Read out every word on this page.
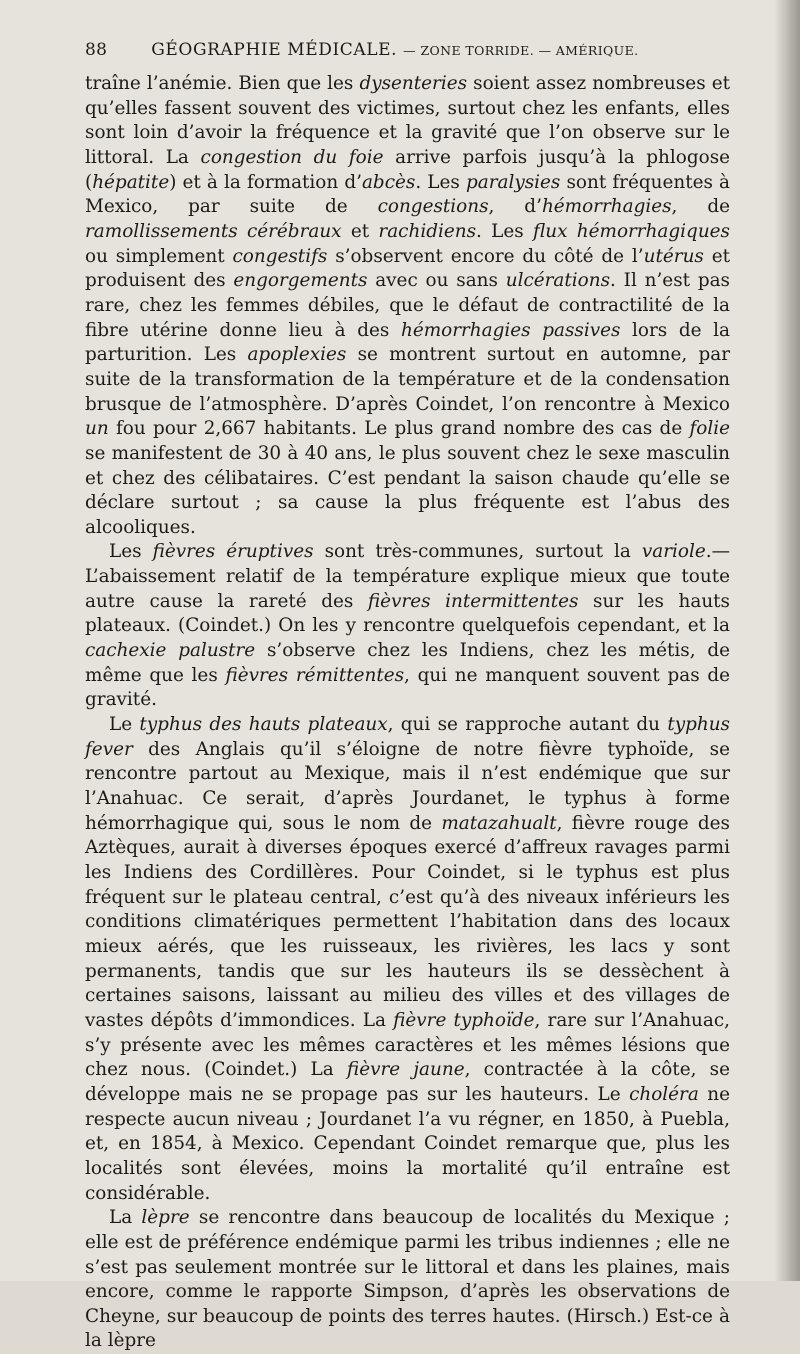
88	GÉOGRAPHIE MÉDICALE. — ZONE TORRIDE. — AMÉRIQUE.

traîne l’anémie. Bien que les dysenteries soient assez nombreuses et qu’elles fassent souvent des victimes, surtout chez les enfants, elles sont loin d’avoir la fréquence et la gravité que l’on observe sur le littoral. La congestion du foie arrive parfois jusqu’à la phlogose (hépatite) et à la formation d’abcès. Les paralysies sont fréquentes à Mexico, par suite de congestions, d’hémorrhagies, de ramollissements cérébraux et rachidiens. Les flux hémorrhagiques ou simplement congestifs s’observent encore du côté de l’utérus et produisent des engorgements avec ou sans ulcérations. Il n’est pas rare, chez les femmes débiles, que le défaut de contractilité de la fibre utérine donne lieu à des hémorrhagies passives lors de la parturition. Les apoplexies se montrent surtout en automne, par suite de la transformation de la température et de la condensation brusque de l’atmosphère. D’après Coindet, l’on rencontre à Mexico un fou pour 2,667 habitants. Le plus grand nombre des cas de folie se manifestent de 30 à 40 ans, le plus souvent chez le sexe masculin et chez des célibataires. C’est pendant la saison chaude qu’elle se déclare surtout ; sa cause la plus fréquente est l’abus des alcooliques.

Les fièvres éruptives sont très-communes, surtout la variole.— L’abaissement relatif de la température explique mieux que toute autre cause la rareté des fièvres intermittentes sur les hauts plateaux. (Coindet.) On les y rencontre quelquefois cependant, et la cachexie palustre s’observe chez les Indiens, chez les métis, de même que les fièvres rémittentes, qui ne manquent souvent pas de gravité.

Le typhus des hauts plateaux, qui se rapproche autant du typhus fever des Anglais qu’il s’éloigne de notre fièvre typhoïde, se rencontre partout au Mexique, mais il n’est endémique que sur l’Anahuac. Ce serait, d’après Jourdanet, le typhus à forme hémorrhagique qui, sous le nom de matazahualt, fièvre rouge des Aztèques, aurait à diverses époques exercé d’affreux ravages parmi les Indiens des Cordillères. Pour Coindet, si le typhus est plus fréquent sur le plateau central, c’est qu’à des niveaux inférieurs les conditions climatériques permettent l’habitation dans des locaux mieux aérés, que les ruisseaux, les rivières, les lacs y sont permanents, tandis que sur les hauteurs ils se dessèchent à certaines saisons, laissant au milieu des villes et des villages de vastes dépôts d’immondices. La fièvre typhoïde, rare sur l’Anahuac, s’y présente avec les mêmes caractères et les mêmes lésions que chez nous. (Coindet.) La fièvre jaune, contractée à la côte, se développe mais ne se propage pas sur les hauteurs. Le choléra ne respecte aucun niveau ; Jourdanet l’a vu régner, en 1850, à Puebla, et, en 1854, à Mexico. Cependant Coindet remarque que, plus les localités sont élevées, moins la mortalité qu’il entraîne est considérable.

La lèpre se rencontre dans beaucoup de localités du Mexique ; elle est de préférence endémique parmi les tribus indiennes ; elle ne s’est pas seulement montrée sur le littoral et dans les plaines, mais encore, comme le rapporte Simpson, d’après les observations de Cheyne, sur beaucoup de points des terres hautes. (Hirsch.) Est-ce à la lèpre
